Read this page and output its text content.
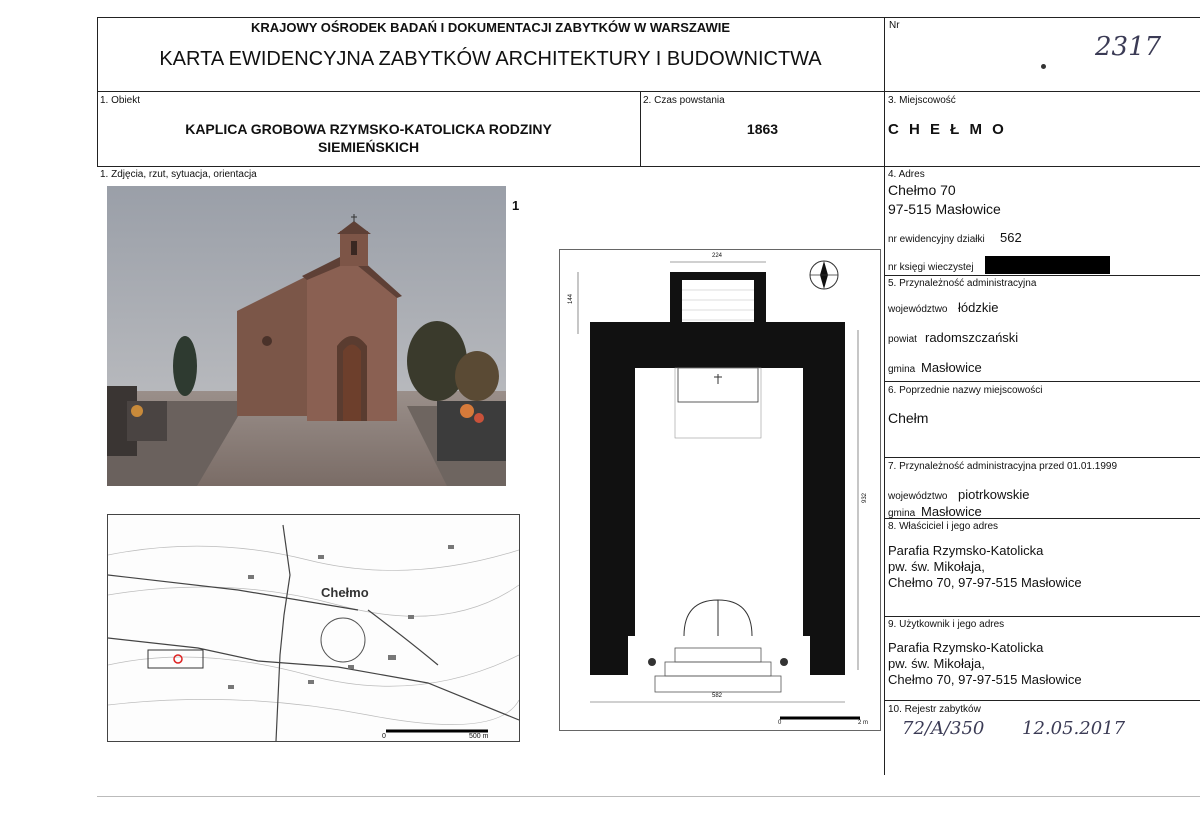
KRAJOWY OŚRODEK BADAŃ I DOKUMENTACJI ZABYTKÓW W WARSZAWIE
KARTA EWIDENCYJNA ZABYTKÓW ARCHITEKTURY I BUDOWNICTWA
Nr
2317
1. Obiekt
KAPLICA GROBOWA RZYMSKO-KATOLICKA RODZINY
SIEMIEŃSKICH
2. Czas powstania
1863
3. Miejscowość
C H E Ł M O
1. Zdjęcia, rzut, sytuacja, orientacja
1
Chełmo
0	500 m
224
144
932
582
0	2 m
4. Adres
Chełmo 70
97-515 Masłowice
nr ewidencyjny działki 562
nr księgi wieczystej
5. Przynależność administracyjna
województwo łódzkie
powiat radomszczański
gmina Masłowice
6. Poprzednie nazwy miejscowości
Chełm
7. Przynależność administracyjna przed 01.01.1999
województwo piotrkowskie
gmina Masłowice
8. Właściciel i jego adres
Parafia Rzymsko-Katolicka
pw. św. Mikołaja,
Chełmo 70, 97-97-515 Masłowice
9. Użytkownik i jego adres
Parafia Rzymsko-Katolicka
pw. św. Mikołaja,
Chełmo 70, 97-97-515 Masłowice
10. Rejestr zabytków
72/A/350 12.05.2017
